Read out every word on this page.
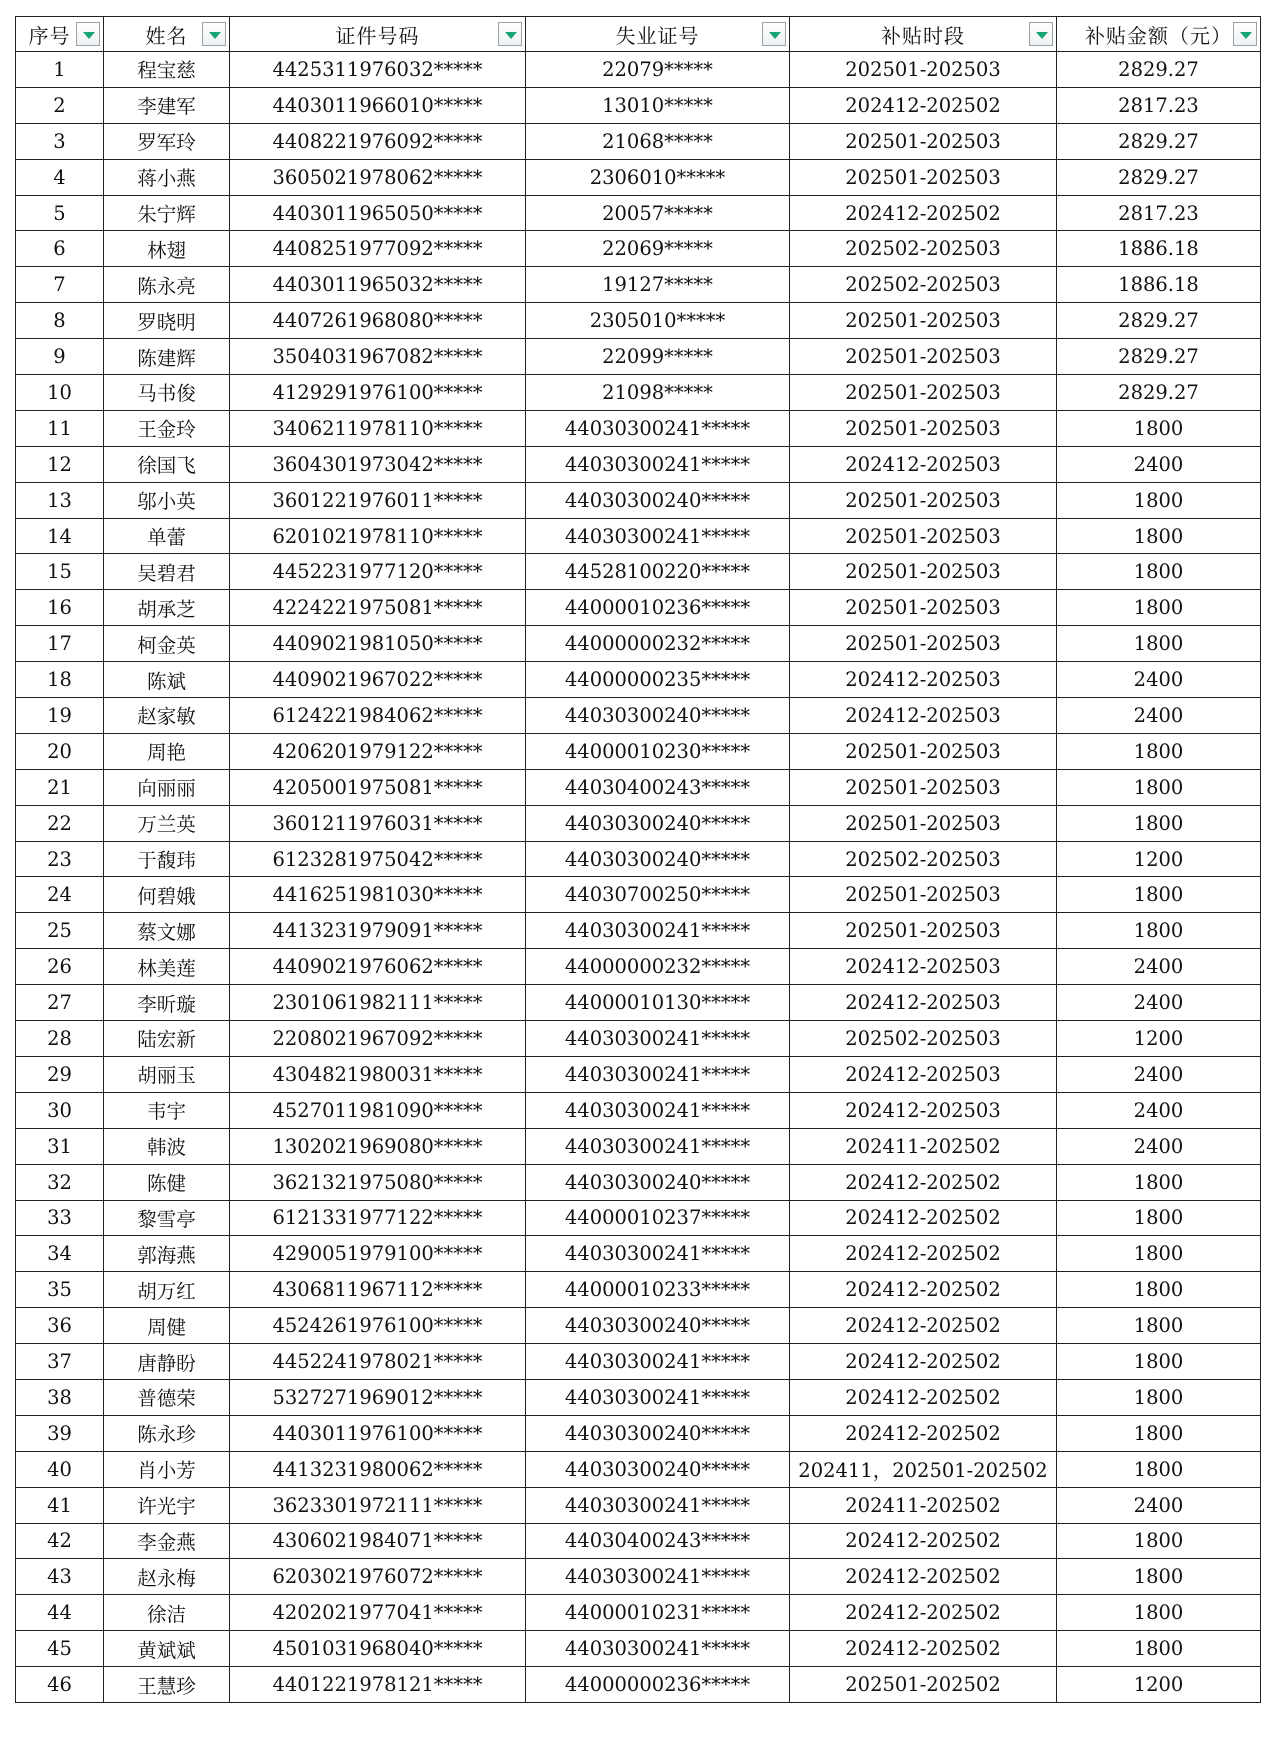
序号	姓名	证件号码	失业证号	补贴时段	补贴金额（元）

1	程宝慈	4425311976032*****	22079*****	202501-202503	2829.27
2	李建军	4403011966010*****	13010*****	202412-202502	2817.23
3	罗军玲	4408221976092*****	21068*****	202501-202503	2829.27
4	蒋小燕	3605021978062*****	2306010*****	202501-202503	2829.27
5	朱宁辉	4403011965050*****	20057*****	202412-202502	2817.23
6	林翅	4408251977092*****	22069*****	202502-202503	1886.18
7	陈永亮	4403011965032*****	19127*****	202502-202503	1886.18
8	罗晓明	4407261968080*****	2305010*****	202501-202503	2829.27
9	陈建辉	3504031967082*****	22099*****	202501-202503	2829.27
10	马书俊	4129291976100*****	21098*****	202501-202503	2829.27
11	王金玲	3406211978110*****	44030300241*****	202501-202503	1800
12	徐国飞	3604301973042*****	44030300241*****	202412-202503	2400
13	邬小英	3601221976011*****	44030300240*****	202501-202503	1800
14	单蕾	6201021978110*****	44030300241*****	202501-202503	1800
15	吴碧君	4452231977120*****	44528100220*****	202501-202503	1800
16	胡承芝	4224221975081*****	44000010236*****	202501-202503	1800
17	柯金英	4409021981050*****	44000000232*****	202501-202503	1800
18	陈斌	4409021967022*****	44000000235*****	202412-202503	2400
19	赵家敏	6124221984062*****	44030300240*****	202412-202503	2400
20	周艳	4206201979122*****	44000010230*****	202501-202503	1800
21	向丽丽	4205001975081*****	44030400243*****	202501-202503	1800
22	万兰英	3601211976031*****	44030300240*****	202501-202503	1800
23	于馥玮	6123281975042*****	44030300240*****	202502-202503	1200
24	何碧娥	4416251981030*****	44030700250*****	202501-202503	1800
25	蔡文娜	4413231979091*****	44030300241*****	202501-202503	1800
26	林美莲	4409021976062*****	44000000232*****	202412-202503	2400
27	李昕璇	2301061982111*****	44000010130*****	202412-202503	2400
28	陆宏新	2208021967092*****	44030300241*****	202502-202503	1200
29	胡丽玉	4304821980031*****	44030300241*****	202412-202503	2400
30	韦宇	4527011981090*****	44030300241*****	202412-202503	2400
31	韩波	1302021969080*****	44030300241*****	202411-202502	2400
32	陈健	3621321975080*****	44030300240*****	202412-202502	1800
33	黎雪亭	6121331977122*****	44000010237*****	202412-202502	1800
34	郭海燕	4290051979100*****	44030300241*****	202412-202502	1800
35	胡万红	4306811967112*****	44000010233*****	202412-202502	1800
36	周健	4524261976100*****	44030300240*****	202412-202502	1800
37	唐静盼	4452241978021*****	44030300241*****	202412-202502	1800
38	普德荣	5327271969012*****	44030300241*****	202412-202502	1800
39	陈永珍	4403011976100*****	44030300240*****	202412-202502	1800
40	肖小芳	4413231980062*****	44030300240*****	202411，202501-202502	1800
41	许光宇	3623301972111*****	44030300241*****	202411-202502	2400
42	李金燕	4306021984071*****	44030400243*****	202412-202502	1800
43	赵永梅	6203021976072*****	44030300241*****	202412-202502	1800
44	徐洁	4202021977041*****	44000010231*****	202412-202502	1800
45	黄斌斌	4501031968040*****	44030300241*****	202412-202502	1800
46	王慧珍	4401221978121*****	44000000236*****	202501-202502	1200
